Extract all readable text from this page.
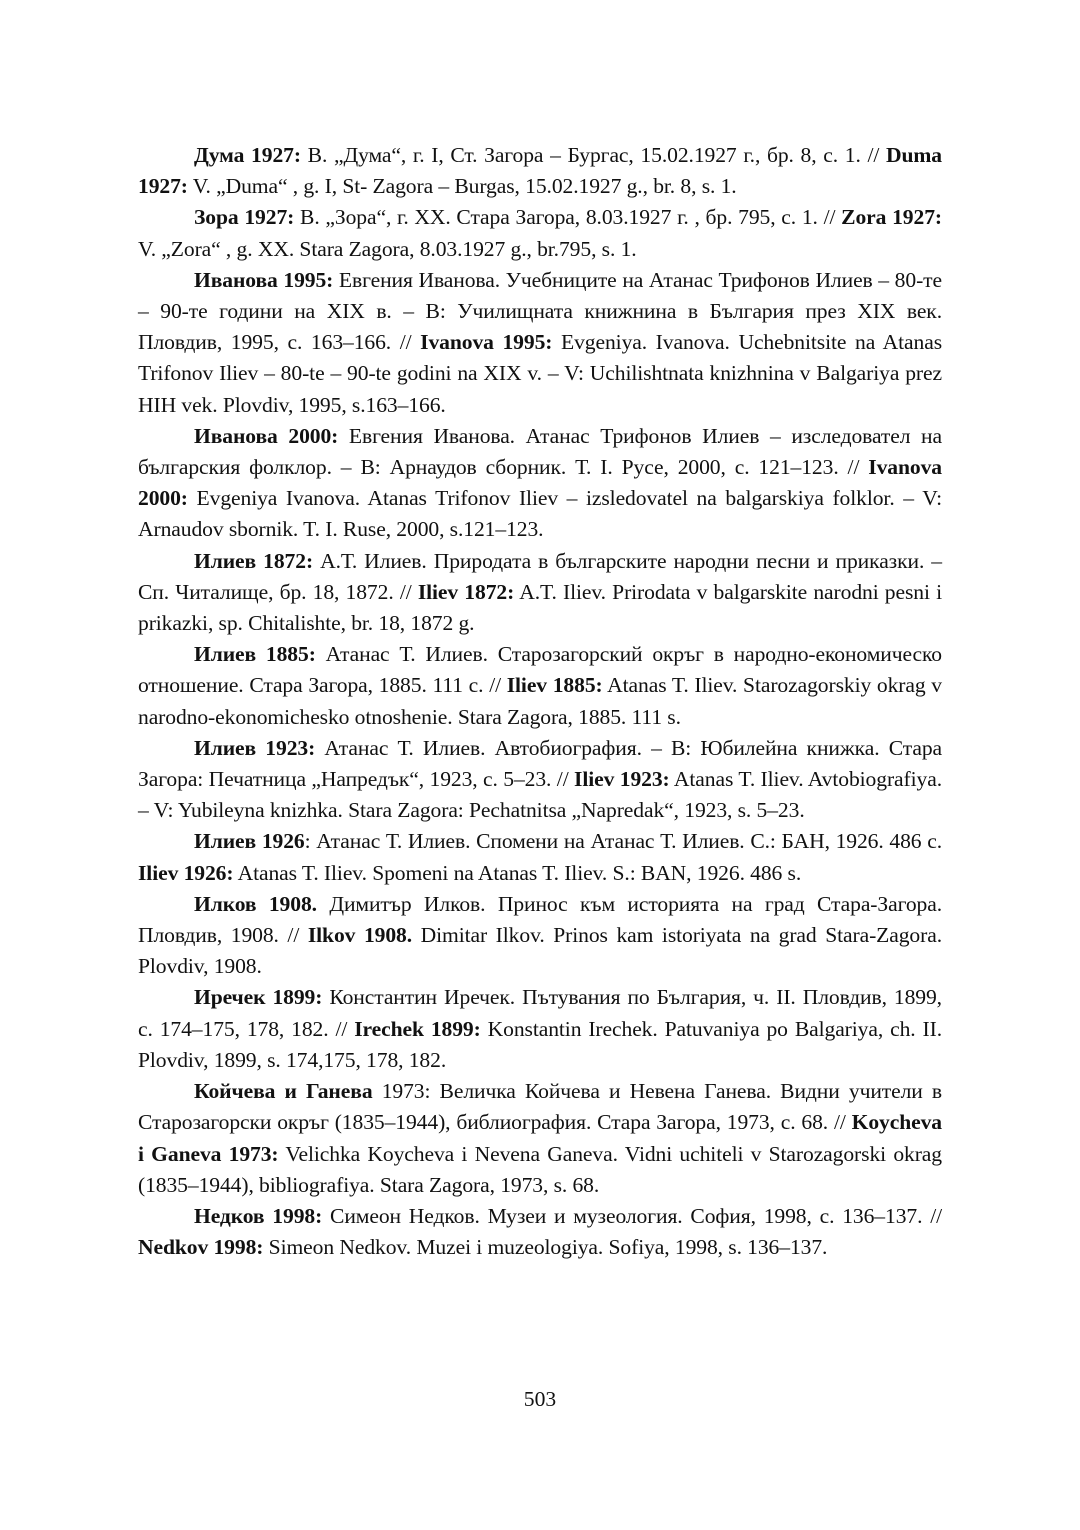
Дума 1927: В. „Дума“, г. I, Ст. Загора – Бургас, 15.02.1927 г., бр. 8, с. 1. // Duma 1927: V. „Duma“ , g. I, St- Zagora – Burgas, 15.02.1927 g., br. 8, s. 1.

Зора 1927: В. „Зора“, г. XX. Стара Загора, 8.03.1927 г. , бр. 795, с. 1. // Zora 1927: V. „Zora“ , g. XX. Stara Zagora, 8.03.1927 g., br.795, s. 1.

Иванова 1995: Евгения Иванова. Учебниците на Атанас Трифонов Илиев – 80-те – 90-те години на XIX в. – В: Училищната книжнина в България през XIX век. Пловдив, 1995, с. 163–166. // Ivanova 1995: Evgeniya. Ivanova. Uchebnitsite na Atanas Trifonov Iliev – 80-te – 90-te godini na XIX v. – V: Uchilishtnata knizhnina v Balgariya prez HIH vek. Plovdiv, 1995, s.163–166.

Иванова 2000: Евгения Иванова. Атанас Трифонов Илиев – изследовател на българския фолклор. – В: Арнаудов сборник. Т. I. Русе, 2000, с. 121–123. // Ivanova 2000: Evgeniya Ivanova. Atanas Trifonov Iliev – izsledovatel na balgarskiya folklor. – V: Arnaudov sbornik. T. I. Ruse, 2000, s.121–123.

Илиев 1872: А.Т. Илиев. Природата в българските народни песни и приказки. – Сп. Читалище, бр. 18, 1872. // Iliev 1872: A.T. Iliev. Prirodata v balgarskite narodni pesni i prikazki, sp. Chitalishte, br. 18, 1872 g.

Илиев 1885: Атанас Т. Илиев. Старозагорский окръг в народно-економическо отношение. Стара Загора, 1885. 111 с. // Iliev 1885: Atanas T. Iliev. Starozagorskiy okrag v narodno-ekonomichesko otnoshenie. Stara Zagora, 1885. 111 s.

Илиев 1923: Атанас Т. Илиев. Автобиография. – В: Юбилейна книжка. Стара Загора: Печатница „Напредък“, 1923, с. 5–23. // Iliev 1923: Atanas T. Iliev. Avtobiografiya. – V: Yubileyna knizhka. Stara Zagora: Pechatnitsa „Napredak“, 1923, s. 5–23.

Илиев 1926: Атанас Т. Илиев. Спомени на Атанас Т. Илиев. С.: БАН, 1926. 486 с. Iliev 1926: Atanas T. Iliev. Spomeni na Atanas T. Iliev. S.: BAN, 1926. 486 s.

Илков 1908. Димитър Илков. Принос към историята на град Стара-Загора. Пловдив, 1908. // Ilkov 1908. Dimitar Ilkov. Prinos kam istoriyata na grad Stara-Zagora. Plovdiv, 1908.

Иречек 1899: Константин Иречек. Пътувания по България, ч. II. Пловдив, 1899, с. 174–175, 178, 182. // Irechek 1899: Konstantin Irechek. Patuvaniya po Balgariya, ch. II. Plovdiv, 1899, s. 174,175, 178, 182.

Койчева и Ганева 1973: Величка Койчева и Невена Ганева. Видни учители в Старозагорски окръг (1835–1944), библиография. Стара Загора, 1973, с. 68. // Koycheva i Ganeva 1973: Velichka Koycheva i Nevena Ganeva. Vidni uchiteli v Starozagorski okrag (1835–1944), bibliografiya. Stara Zagora, 1973, s. 68.

Недков 1998: Симеон Недков. Музеи и музеология. София, 1998, с. 136–137. // Nedkov 1998: Simeon Nedkov. Muzei i muzeologiya. Sofiya, 1998, s. 136–137.

503
